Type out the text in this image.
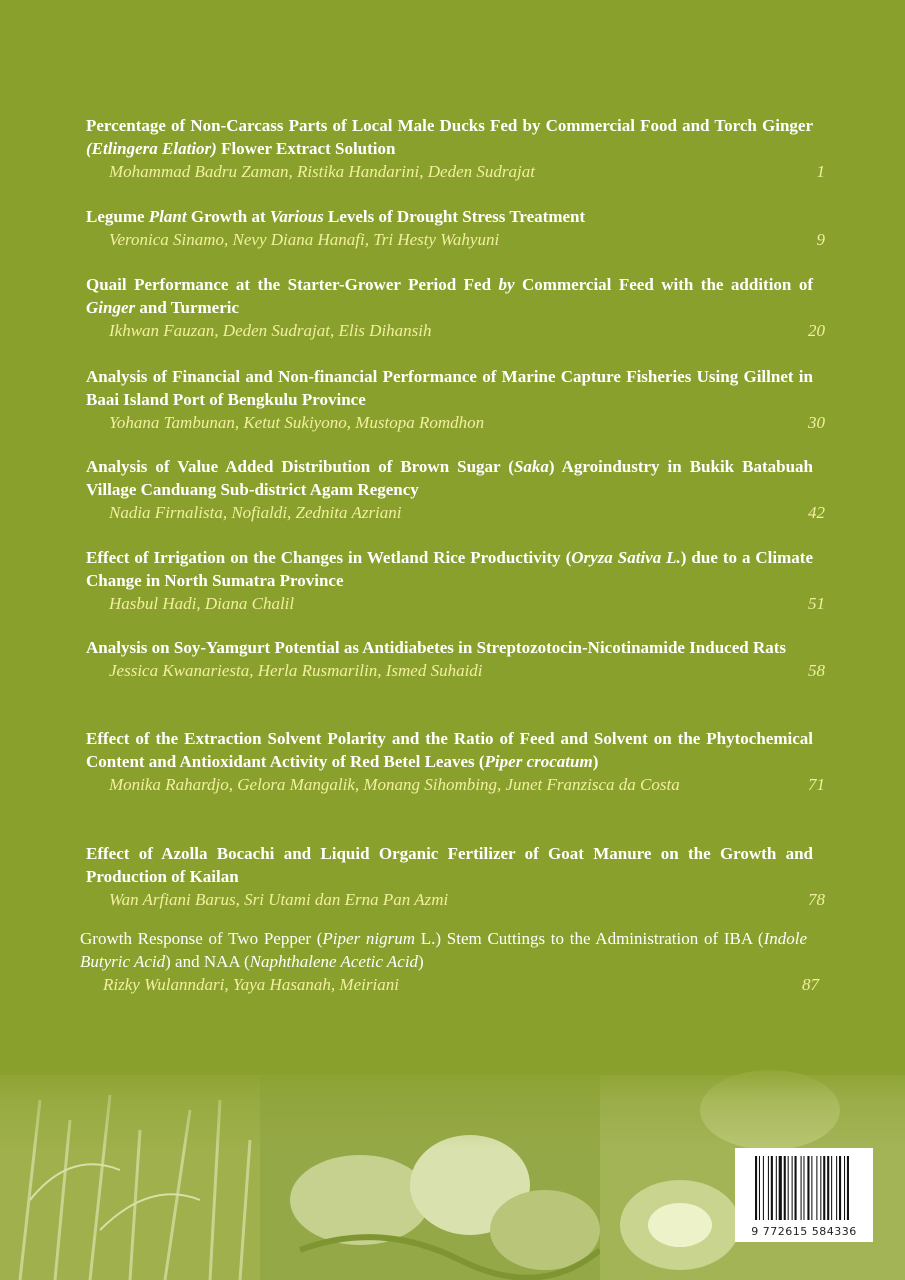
Percentage of Non-Carcass Parts of Local Male Ducks Fed by Commercial Food and Torch Ginger (Etlingera Elatior) Flower Extract Solution
Mohammad Badru Zaman, Ristika Handarini, Deden Sudrajat	1
Legume Plant Growth at Various Levels of Drought Stress Treatment
Veronica Sinamo, Nevy Diana Hanafi, Tri Hesty Wahyuni	9
Quail Performance at the Starter-Grower Period Fed by Commercial Feed with the addition of Ginger and Turmeric
Ikhwan Fauzan, Deden Sudrajat, Elis Dihansih	20
Analysis of Financial and Non-financial Performance of Marine Capture Fisheries Using Gillnet in Baai Island Port of Bengkulu Province
Yohana Tambunan, Ketut Sukiyono, Mustopa Romdhon	30
Analysis of Value Added Distribution of Brown Sugar (Saka) Agroindustry in Bukik Batabuah Village Canduang Sub-district Agam Regency
Nadia Firnalista, Nofialdi, Zednita Azriani	42
Effect of Irrigation on the Changes in Wetland Rice Productivity (Oryza Sativa L.) due to a Climate Change in North Sumatra Province
Hasbul Hadi, Diana Chalil	51
Analysis on Soy-Yamgurt Potential as Antidiabetes in Streptozotocin-Nicotinamide Induced Rats
Jessica Kwanariesta, Herla Rusmarilin, Ismed Suhaidi	58
Effect of the Extraction Solvent Polarity and the Ratio of Feed and Solvent on the Phytochemical Content and Antioxidant Activity of Red Betel Leaves (Piper crocatum)
Monika Rahardjo, Gelora Mangalik, Monang Sihombing, Junet Franzisca da Costa	71
Effect of Azolla Bocachi and Liquid Organic Fertilizer of Goat Manure on the Growth and Production of Kailan
Wan Arfiani Barus, Sri Utami dan Erna Pan Azmi	78
Growth Response of Two Pepper (Piper nigrum L.) Stem Cuttings to the Administration of IBA (Indole Butyric Acid) and NAA (Naphthalene Acetic Acid)
Rizky Wulanndari, Yaya Hasanah, Meiriani	87
9 772615 584336
